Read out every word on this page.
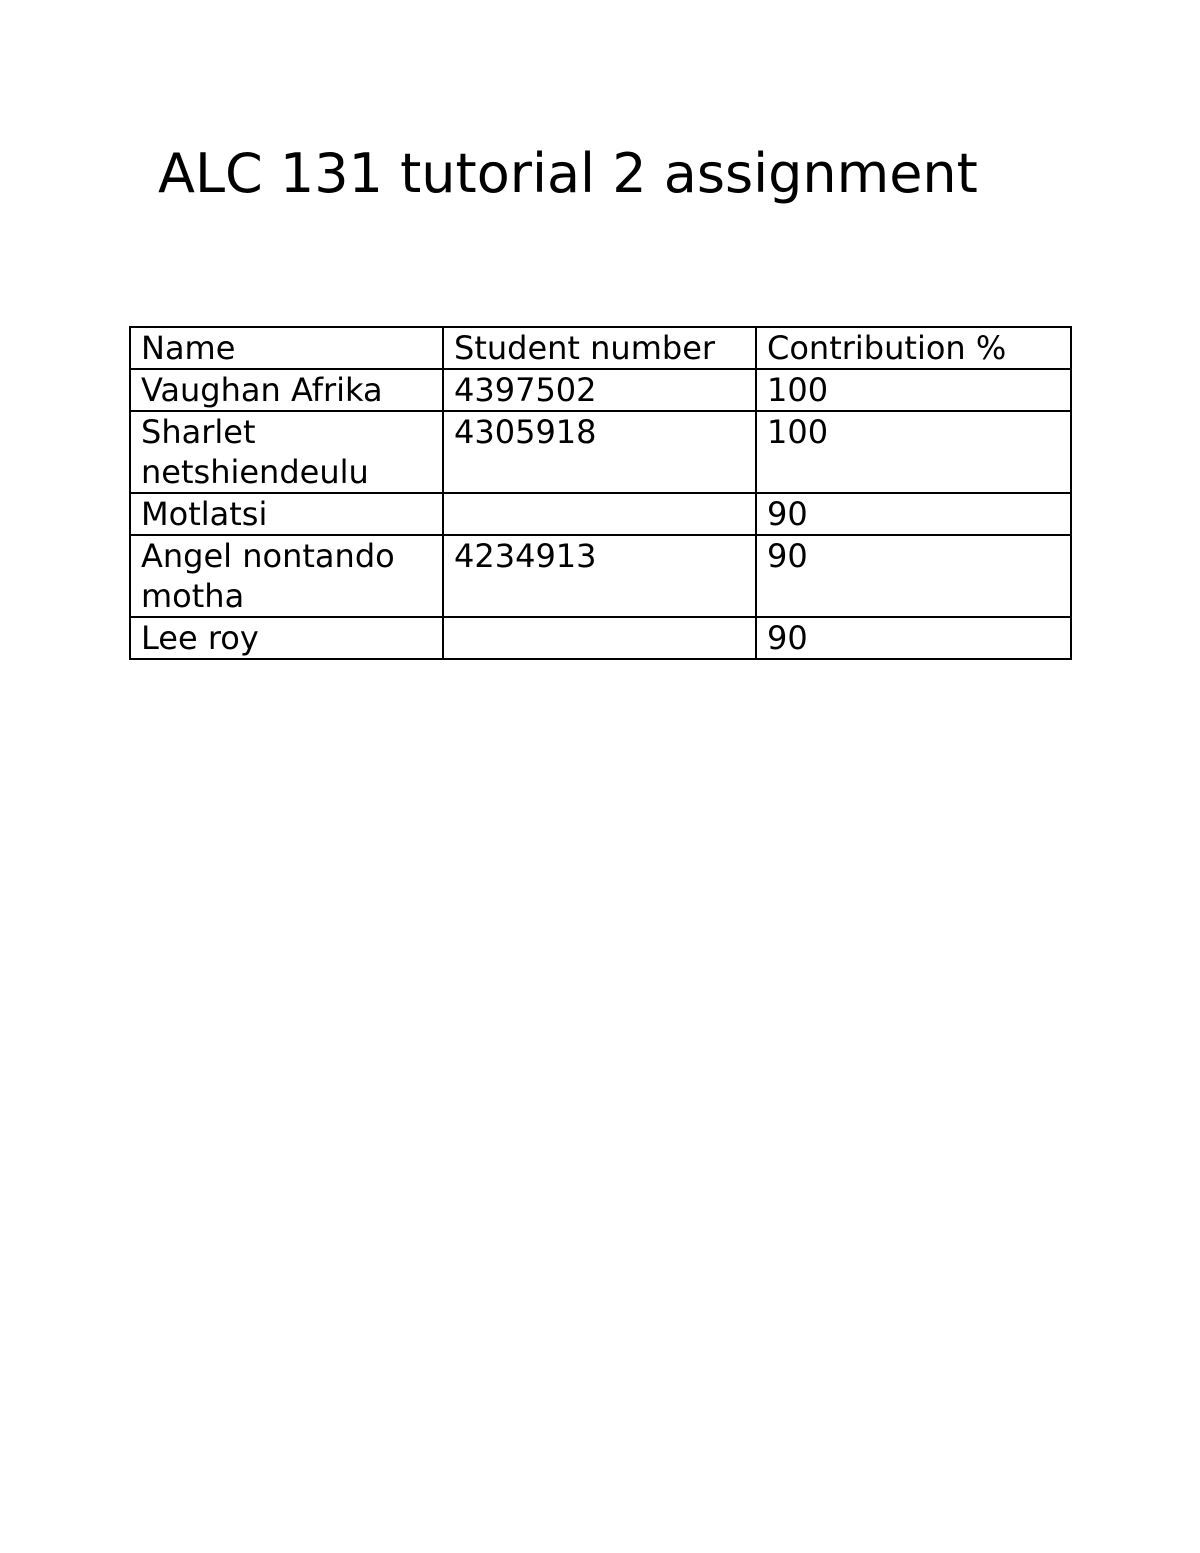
ALC 131 tutorial 2 assignment
Name	Student number	Contribution %
Vaughan Afrika	4397502	100
Sharlet netshiendeulu	4305918	100
Motlatsi		90
Angel nontando motha	4234913	90
Lee roy		90
